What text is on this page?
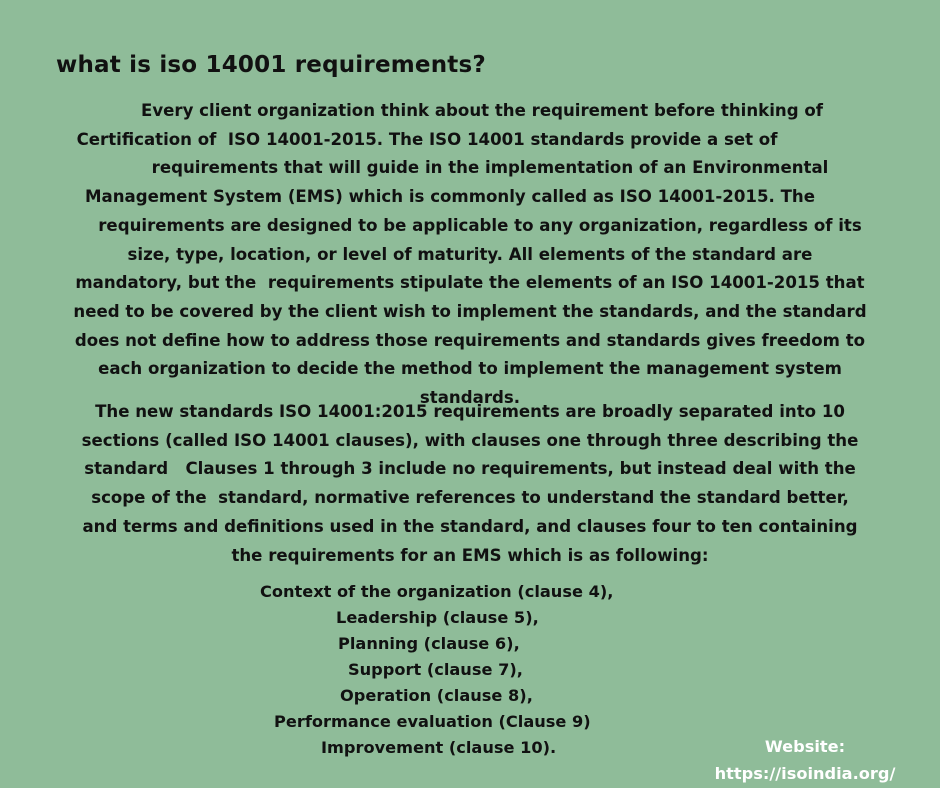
what is iso 14001 requirements?
Every client organization think about the requirement before thinking of
Certification of  ISO 14001-2015. The ISO 14001 standards provide a set of
requirements that will guide in the implementation of an Environmental
Management System (EMS) which is commonly called as ISO 14001-2015. The
requirements are designed to be applicable to any organization, regardless of its
size, type, location, or level of maturity. All elements of the standard are
mandatory, but the  requirements stipulate the elements of an ISO 14001-2015 that
need to be covered by the client wish to implement the standards, and the standard
does not define how to address those requirements and standards gives freedom to
each organization to decide the method to implement the management system
standards.
The new standards ISO 14001:2015 requirements are broadly separated into 10
sections (called ISO 14001 clauses), with clauses one through three describing the
standard   Clauses 1 through 3 include no requirements, but instead deal with the
scope of the  standard, normative references to understand the standard better,
and terms and definitions used in the standard, and clauses four to ten containing
the requirements for an EMS which is as following:
Context of the organization (clause 4),
Leadership (clause 5),
Planning (clause 6),
Support (clause 7),
Operation (clause 8),
Performance evaluation (Clause 9)
Improvement (clause 10).	Website:
https://isoindia.org/
